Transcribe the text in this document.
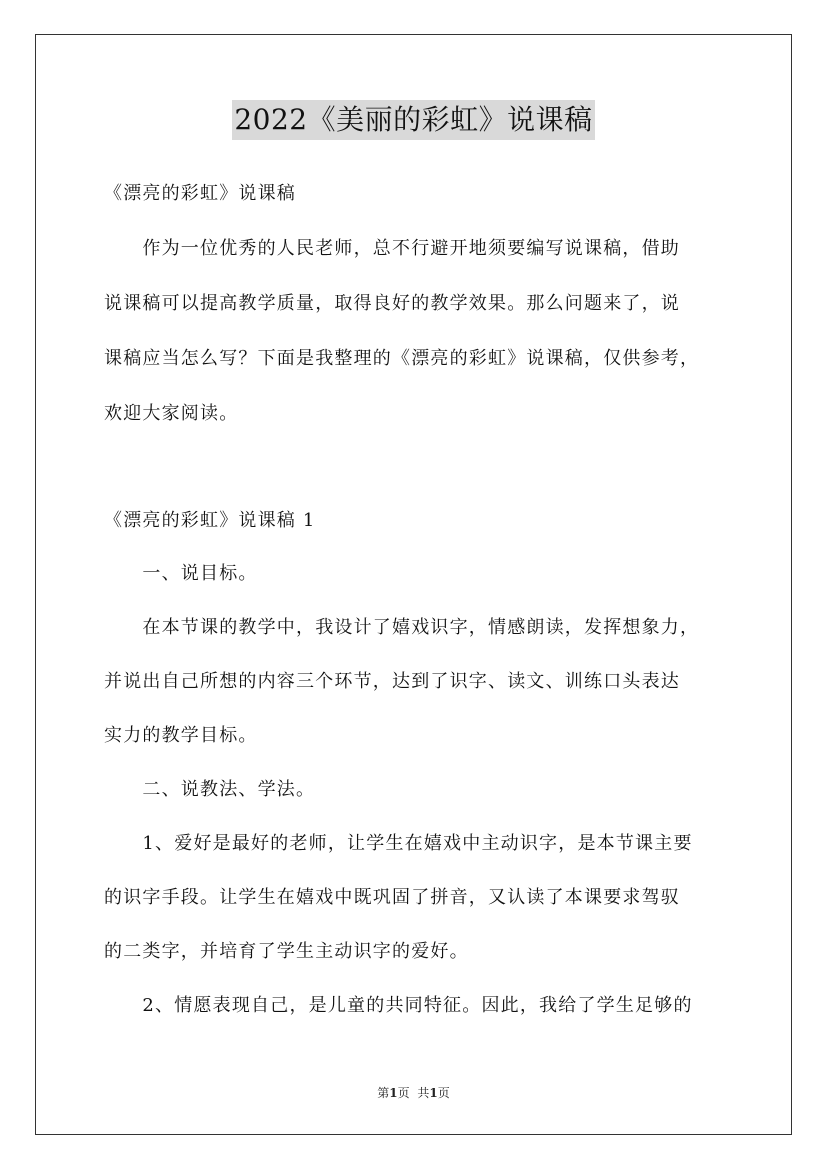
2022《美丽的彩虹》说课稿

《漂亮的彩虹》说课稿

　　作为一位优秀的人民老师，总不行避开地须要编写说课稿，借助
说课稿可以提高教学质量，取得良好的教学效果。那么问题来了，说
课稿应当怎么写？下面是我整理的《漂亮的彩虹》说课稿，仅供参考，
欢迎大家阅读。

《漂亮的彩虹》说课稿 1

　　一、说目标。
　　在本节课的教学中，我设计了嬉戏识字，情感朗读，发挥想象力，
并说出自己所想的内容三个环节，达到了识字、读文、训练口头表达
实力的教学目标。
　　二、说教法、学法。
　　1、爱好是最好的老师，让学生在嬉戏中主动识字，是本节课主要
的识字手段。让学生在嬉戏中既巩固了拼音，又认读了本课要求驾驭
的二类字，并培育了学生主动识字的爱好。
　　2、情愿表现自己，是儿童的共同特征。因此，我给了学生足够的
第1页 共1页
